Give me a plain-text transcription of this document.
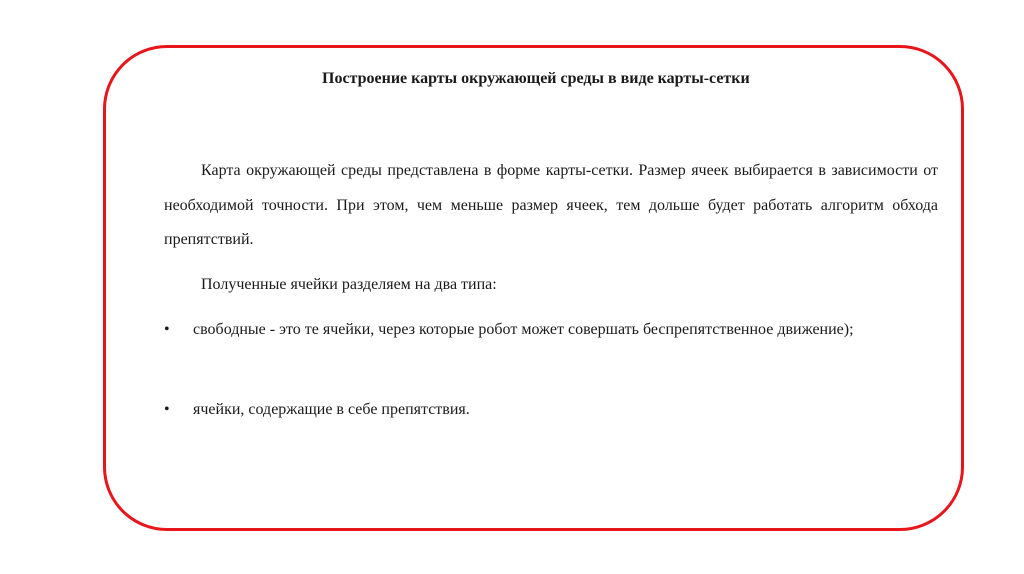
Построение карты окружающей среды в виде карты-сетки

Карта окружающей среды представлена в форме карты-сетки. Размер ячеек выбирается в зависимости от необходимой точности. При этом, чем меньше размер ячеек, тем дольше будет работать алгоритм обхода препятствий.

Полученные ячейки разделяем на два типа:

•	свободные - это те ячейки, через которые робот может совершать беспрепятственное движение);

•	ячейки, содержащие в себе препятствия.
